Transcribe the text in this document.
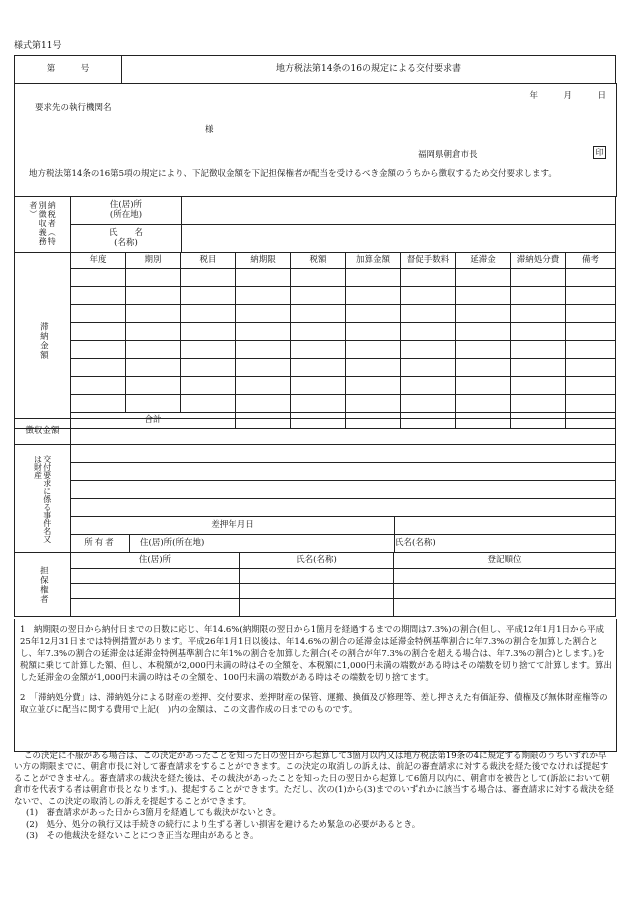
様式第11号
第　　　号	地方税法第14条の16の規定による交付要求書
年　　　月　　　日
要求先の執行機関名
様
福岡県朝倉市長	印
地方税法第14条の16第5項の規定により、下記徴収金額を下記担保権者が配当を受けるべき金額のうちから徴収するため交付要求します。
納税者（特別徴収義務者）	住(居)所
(所在地)	
	氏　　名
(名称)	
滞納金額	年度	期別	税目	納期限	税額	加算金額	督促手数料	延滞金	滞納処分費	備考

	合計									
徴収金額	
交付要求に係る事件名又は財産			

	差押年月日		
	所有者	住(居)所(所在地)	氏名(名称)
担保権者	住(居)所	氏名(名称)	登記順位

1　納期限の翌日から納付日までの日数に応じ、年14.6%(納期限の翌日から1箇月を経過するまでの期間は7.3%)の割合(但し、平成12年1月1日から平成25年12月31日までは特例措置があります。平成26年1月1日以後は、年14.6%の割合の延滞金は延滞金特例基準割合に年7.3%の割合を加算した割合とし、年7.3%の割合の延滞金は延滞金特例基準割合に年1%の割合を加算した割合(その割合が年7.3%の割合を超える場合は、年7.3%の割合)とします。)を税額に乗じて計算した額、但し、本税額が2,000円未満の時はその全額を、本税額に1,000円未満の端数がある時はその端数を切り捨てて計算します。算出した延滞金の金額が1,000円未満の時はその全額を、100円未満の端数がある時はその端数を切り捨てます。

2　「滞納処分費」は、滞納処分による財産の差押、交付要求、差押財産の保管、運搬、換価及び修理等、差し押さえた有価証券、債権及び無体財産権等の取立並びに配当に関する費用で上記(　)内の金額は、この文書作成の日までのものです。

この決定に不服がある場合は、この決定があったことを知った日の翌日から起算して3箇月以内又は地方税法第19条の4に規定する期限のうちいずれか早い方の期限までに、朝倉市長に対して審査請求をすることができます。この決定の取消しの訴えは、前記の審査請求に対する裁決を経た後でなければ提起することができません。審査請求の裁決を経た後は、その裁決があったことを知った日の翌日から起算して6箇月以内に、朝倉市を被告として(訴訟において朝倉市を代表する者は朝倉市長となります。)、提起することができます。ただし、次の(1)から(3)までのいずれかに該当する場合は、審査請求に対する裁決を経ないで、この決定の取消しの訴えを提起することができます。
(1)　審査請求があった日から3箇月を経過しても裁決がないとき。
(2)　処分、処分の執行又は手続きの続行により生ずる著しい損害を避けるため緊急の必要があるとき。
(3)　その他裁決を経ないことにつき正当な理由があるとき。
